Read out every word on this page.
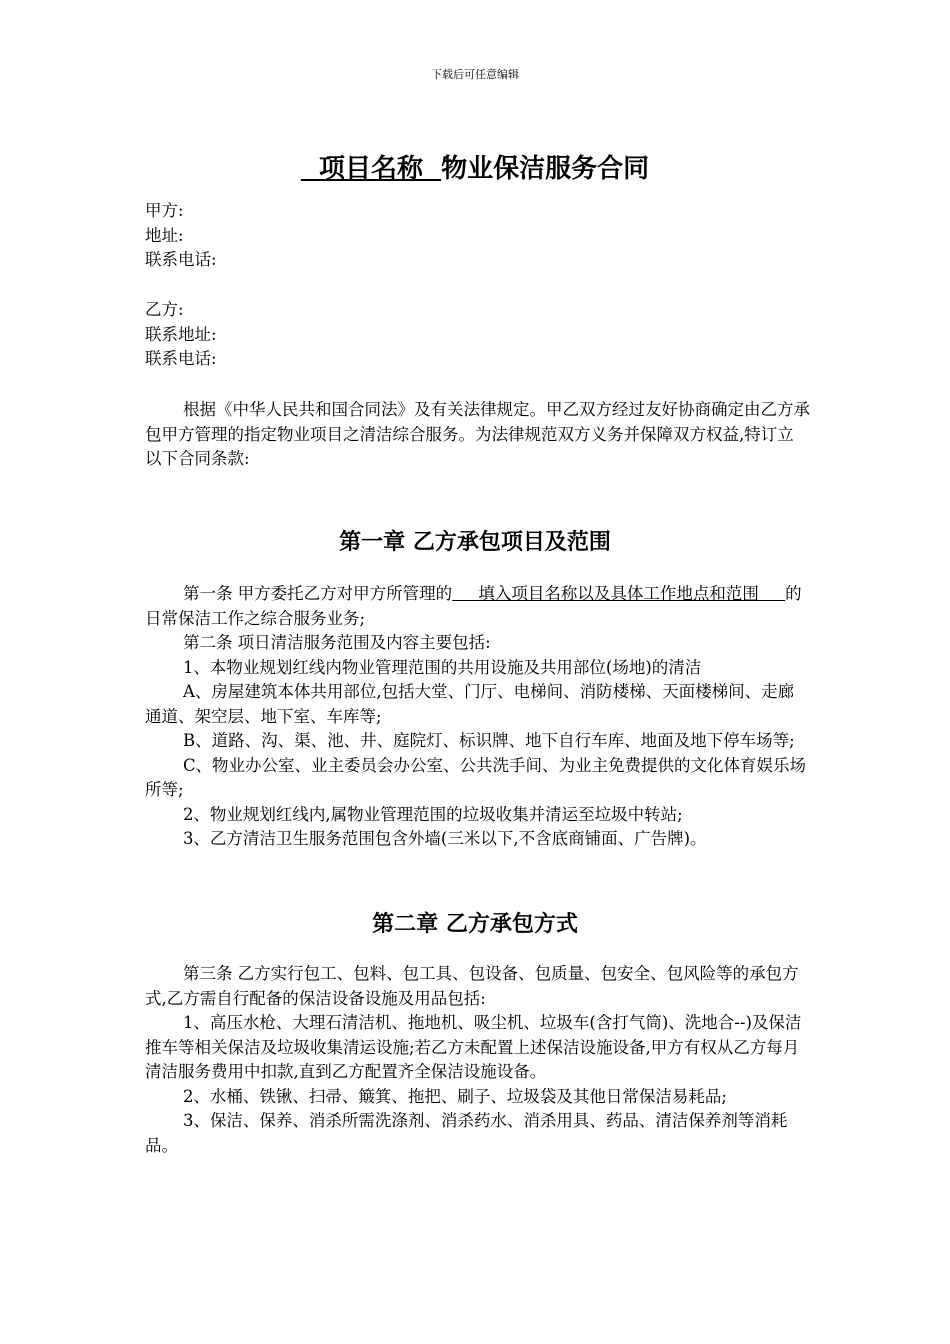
下载后可任意编辑
项目名称  物业保洁服务合同

甲方:

地址:

联系电话:

乙方:

联系地址:

联系电话:

根据《中华人民共和国合同法》及有关法律规定。甲乙双方经过友好协商确定由乙方承包甲方管理的指定物业项目之清洁综合服务。为法律规范双方义务并保障双方权益,特订立以下合同条款:

第一章 乙方承包项目及范围

第一条 甲方委托乙方对甲方所管理的     填入项目名称以及具体工作地点和范围     的日常保洁工作之综合服务业务;

第二条 项日清洁服务范围及内容主要包括:

1、本物业规划红线内物业管理范围的共用设施及共用部位(场地)的清洁

A、房屋建筑本体共用部位,包括大堂、门厅、电梯间、消防楼梯、天面楼梯间、走廊通道、架空层、地下室、车库等;

B、道路、沟、渠、池、井、庭院灯、标识牌、地下自行车库、地面及地下停车场等;

C、物业办公室、业主委员会办公室、公共洗手间、为业主免费提供的文化体育娱乐场所等;

2、物业规划红线内,属物业管理范围的垃圾收集并清运至垃圾中转站;

3、乙方清洁卫生服务范围包含外墙(三米以下,不含底商铺面、广告牌)。

第二章 乙方承包方式

第三条 乙方实行包工、包料、包工具、包设备、包质量、包安全、包风险等的承包方式,乙方需自行配备的保洁设备设施及用品包括:

1、高压水枪、大理石清洁机、拖地机、吸尘机、垃圾车(含打气筒)、洗地合--)及保洁推车等相关保洁及垃圾收集清运设施;若乙方未配置上述保洁设施设备,甲方有权从乙方每月清洁服务费用中扣款,直到乙方配置齐全保洁设施设备。

2、水桶、铁锹、扫帚、簸箕、拖把、刷子、垃圾袋及其他日常保洁易耗品;

3、保洁、保养、消杀所需洗涤剂、消杀药水、消杀用具、药品、清洁保养剂等消耗品。
